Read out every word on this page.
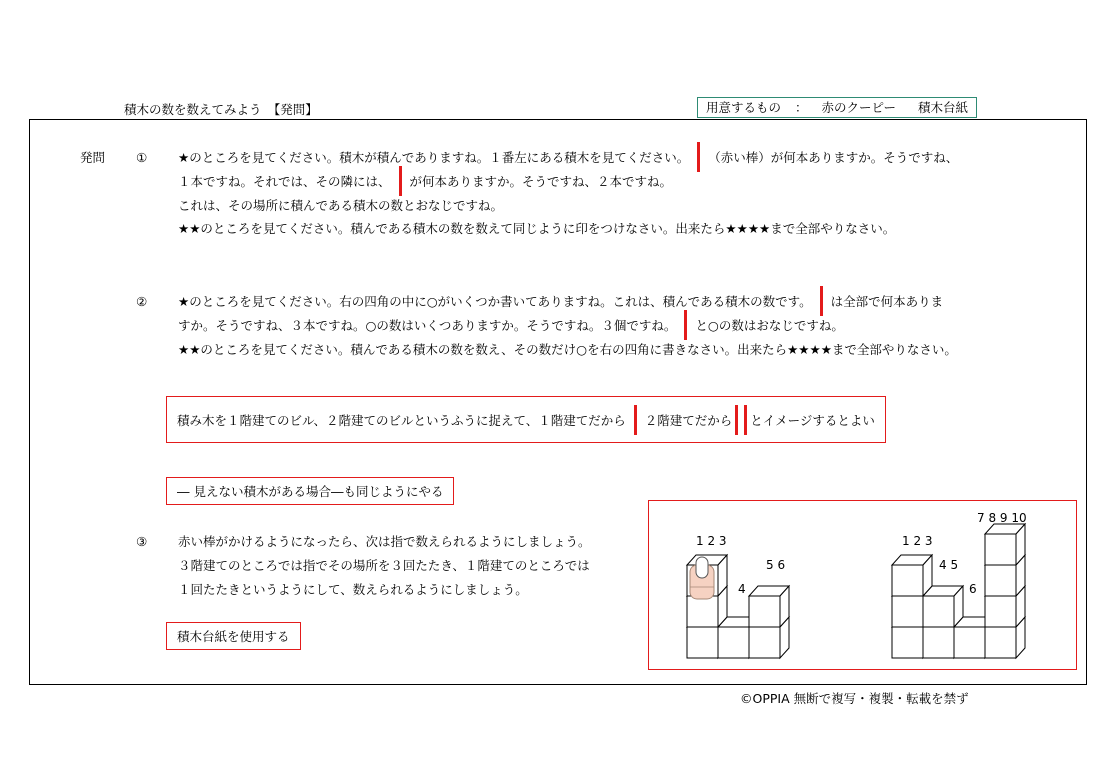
積木の数を数えてみよう　【発問】	用意するもの ： 赤のクーピー 積木台紙
発問 ① ★のところを見てください。積木が積んでありますね。１番左にある積木を見てください。 （赤い棒）が何本ありますか。そうですね、
１本ですね。それでは、その隣には、 が何本ありますか。そうですね、２本ですね。
これは、その場所に積んである積木の数とおなじですね。
★★のところを見てください。積んである積木の数を数えて同じように印をつけなさい。出来たら★★★★まで全部やりなさい。
② ★のところを見てください。右の四角の中に○がいくつか書いてありますね。これは、積んである積木の数です。 は全部で何本ありま
すか。そうですね、３本ですね。○の数はいくつありますか。そうですね。３個ですね。 と○の数はおなじですね。
★★のところを見てください。積んである積木の数を数え、その数だけ○を右の四角に書きなさい。出来たら★★★★まで全部やりなさい。
積み木を１階建てのビル、２階建てのビルというふうに捉えて、１階建てだから ２階建てだから とイメージするとよい
― 見えない積木がある場合―も同じようにやる
③ 赤い棒がかけるようになったら、次は指で数えられるようにしましょう。
３階建てのところでは指でその場所を３回たたき、１階建てのところでは
１回たたきというようにして、数えられるようにしましょう。
積木台紙を使用する
1 2 3
4
5 6
1 2 3
4 5
6
7 8 9 10
©OPPIA 無断で複写・複製・転載を禁ず
